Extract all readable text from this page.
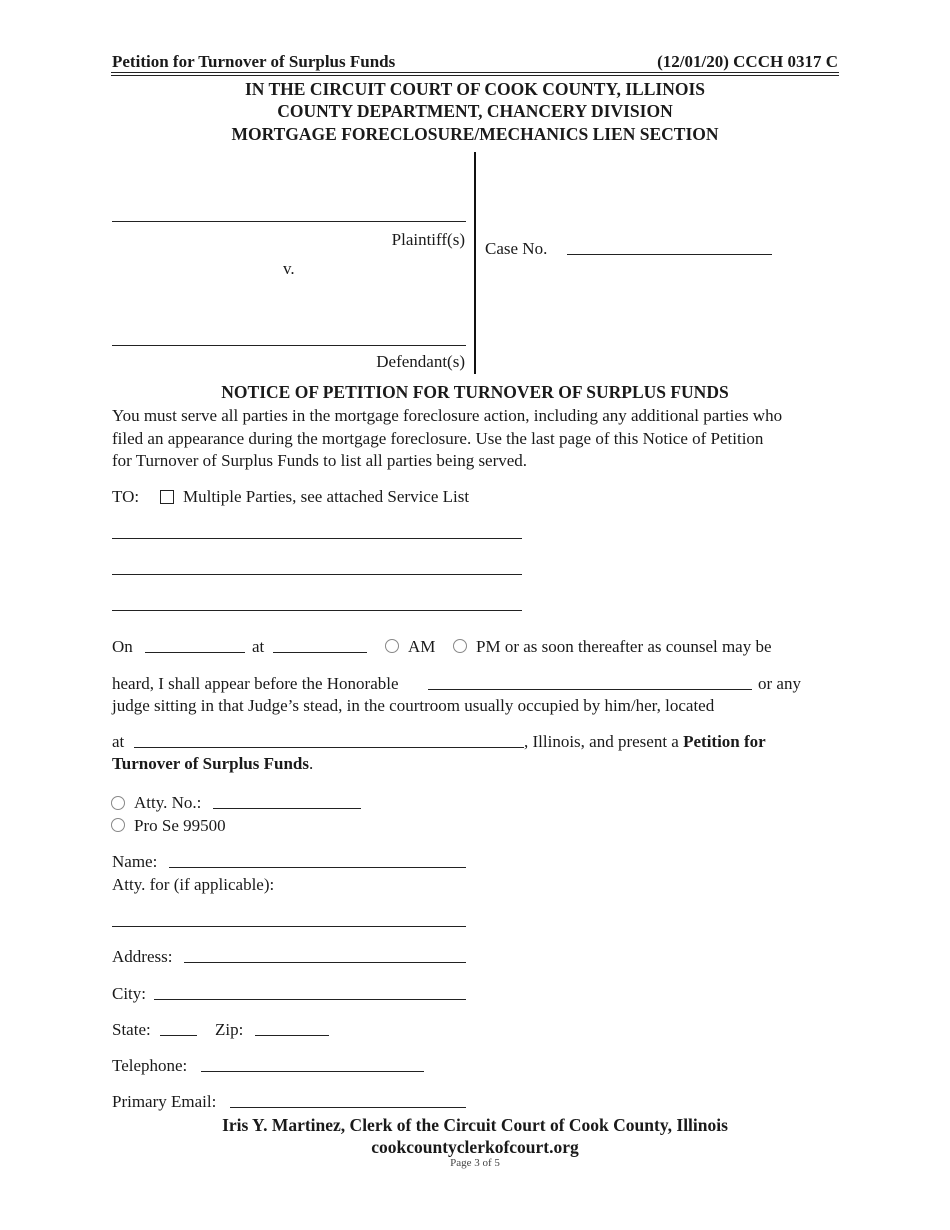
Petition for Turnover of Surplus Funds	(12/01/20) CCCH 0317 C
IN THE CIRCUIT COURT OF COOK COUNTY, ILLINOIS
COUNTY DEPARTMENT, CHANCERY DIVISION
MORTGAGE FORECLOSURE/MECHANICS LIEN SECTION
Plaintiff(s)
v.
Defendant(s)
Case No.
NOTICE OF PETITION FOR TURNOVER OF SURPLUS FUNDS
You must serve all parties in the mortgage foreclosure action, including any additional parties who
filed an appearance during the mortgage foreclosure. Use the last page of this Notice of Petition
for Turnover of Surplus Funds to list all parties being served.
TO:	Multiple Parties, see attached Service List
On	at	AM PM or as soon thereafter as counsel may be
heard, I shall appear before the Honorable	or any
judge sitting in that Judge’s stead, in the courtroom usually occupied by him/her, located
at	, Illinois, and present a Petition for
Turnover of Surplus Funds.
Atty. No.:
Pro Se 99500
Name:
Atty. for (if applicable):
Address:
City:
State:	Zip:
Telephone:
Primary Email:
Iris Y. Martinez, Clerk of the Circuit Court of Cook County, Illinois
cookcountyclerkofcourt.org
Page 3 of 5
